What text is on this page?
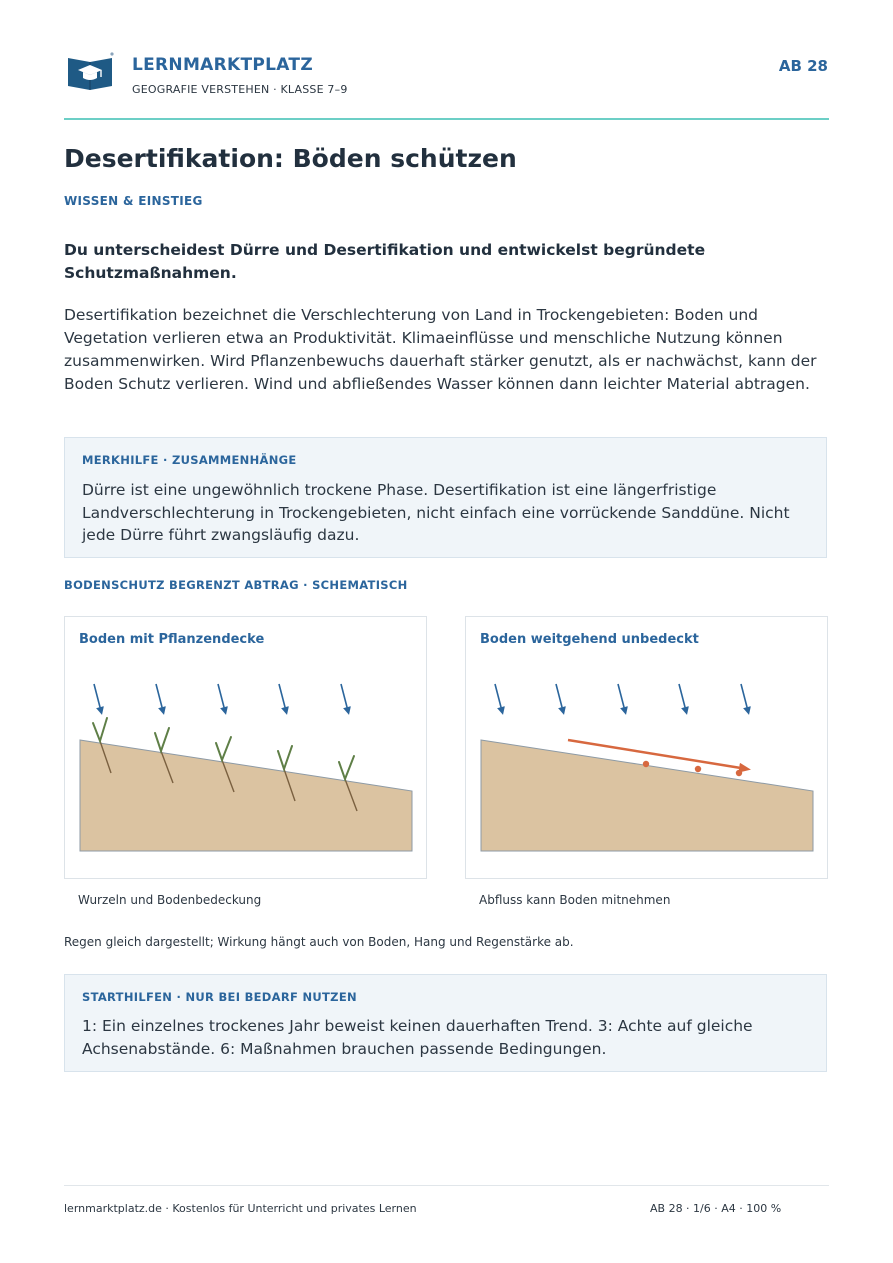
LERNMARKTPLATZ
GEOGRAFIE VERSTEHEN · KLASSE 7–9
AB 28
Desertifikation: Böden schützen
WISSEN & EINSTIEG

Du unterscheidest Dürre und Desertifikation und entwickelst begründete Schutzmaßnahmen.

Desertifikation bezeichnet die Verschlechterung von Land in Trockengebieten: Boden und Vegetation verlieren etwa an Produktivität. Klimaeinflüsse und menschliche Nutzung können zusammenwirken. Wird Pflanzenbewuchs dauerhaft stärker genutzt, als er nachwächst, kann der Boden Schutz verlieren. Wind und abfließendes Wasser können dann leichter Material abtragen.

MERKHILFE · ZUSAMMENHÄNGE

Dürre ist eine ungewöhnlich trockene Phase. Desertifikation ist eine längerfristige Landverschlechterung in Trockengebieten, nicht einfach eine vorrückende Sanddüne. Nicht jede Dürre führt zwangsläufig dazu.

BODENSCHUTZ BEGRENZT ABTRAG · SCHEMATISCH
Boden mit Pflanzendecke	Boden weitgehend unbedeckt
Wurzeln und Bodenbedeckung	Abfluss kann Boden mitnehmen
Regen gleich dargestellt; Wirkung hängt auch von Boden, Hang und Regenstärke ab.
STARTHILFEN · NUR BEI BEDARF NUTZEN

1: Ein einzelnes trockenes Jahr beweist keinen dauerhaften Trend. 3: Achte auf gleiche Achsenabstände. 6: Maßnahmen brauchen passende Bedingungen.

lernmarktplatz.de · Kostenlos für Unterricht und privates Lernen	AB 28 · 1/6 · A4 · 100 %
